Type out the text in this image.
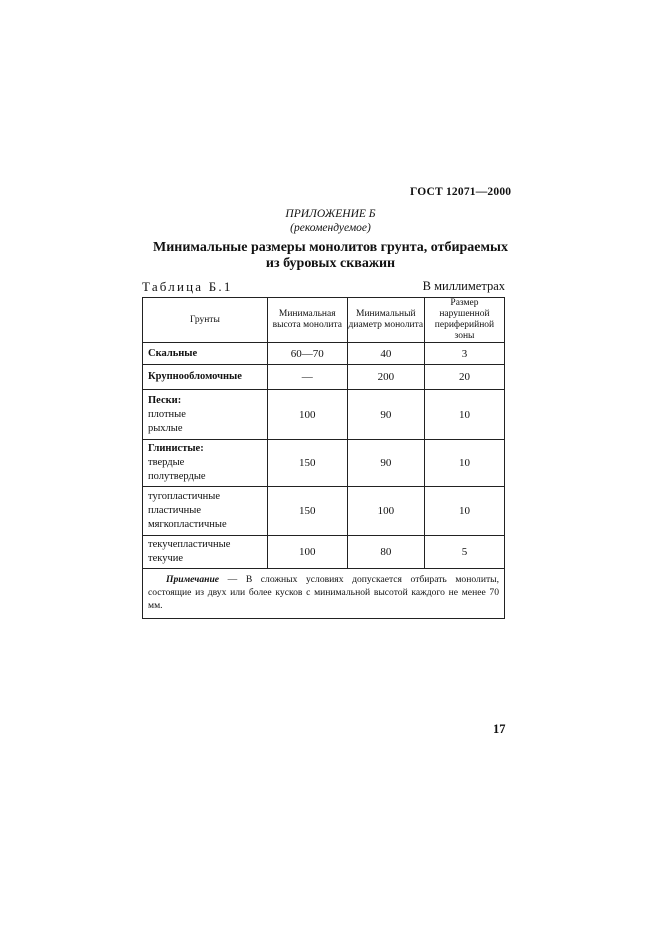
ГОСТ 12071—2000
ПРИЛОЖЕНИЕ Б
(рекомендуемое)
Минимальные размеры монолитов грунта, отбираемых
из буровых скважин
Таблица Б.1	В миллиметрах
Грунты	Минимальная высота монолита	Минимальный диаметр монолита	Размер нарушенной периферийной зоны
Скальные	60—70	40	3
Крупнообломочные	—	200	20

Пески:
плотные
рыхлые	100	90	10

Глинистые:
твердые
полутвердые	150	90	10

тугопластичные
пластичные
мягкопластичные	150	100	10

текучепластичные
текучие	100	80	5
Примечание — В сложных условиях допускается отбирать монолиты, состоящие из двух или более кусков с минимальной высотой каждого не менее 70 мм.			
17
